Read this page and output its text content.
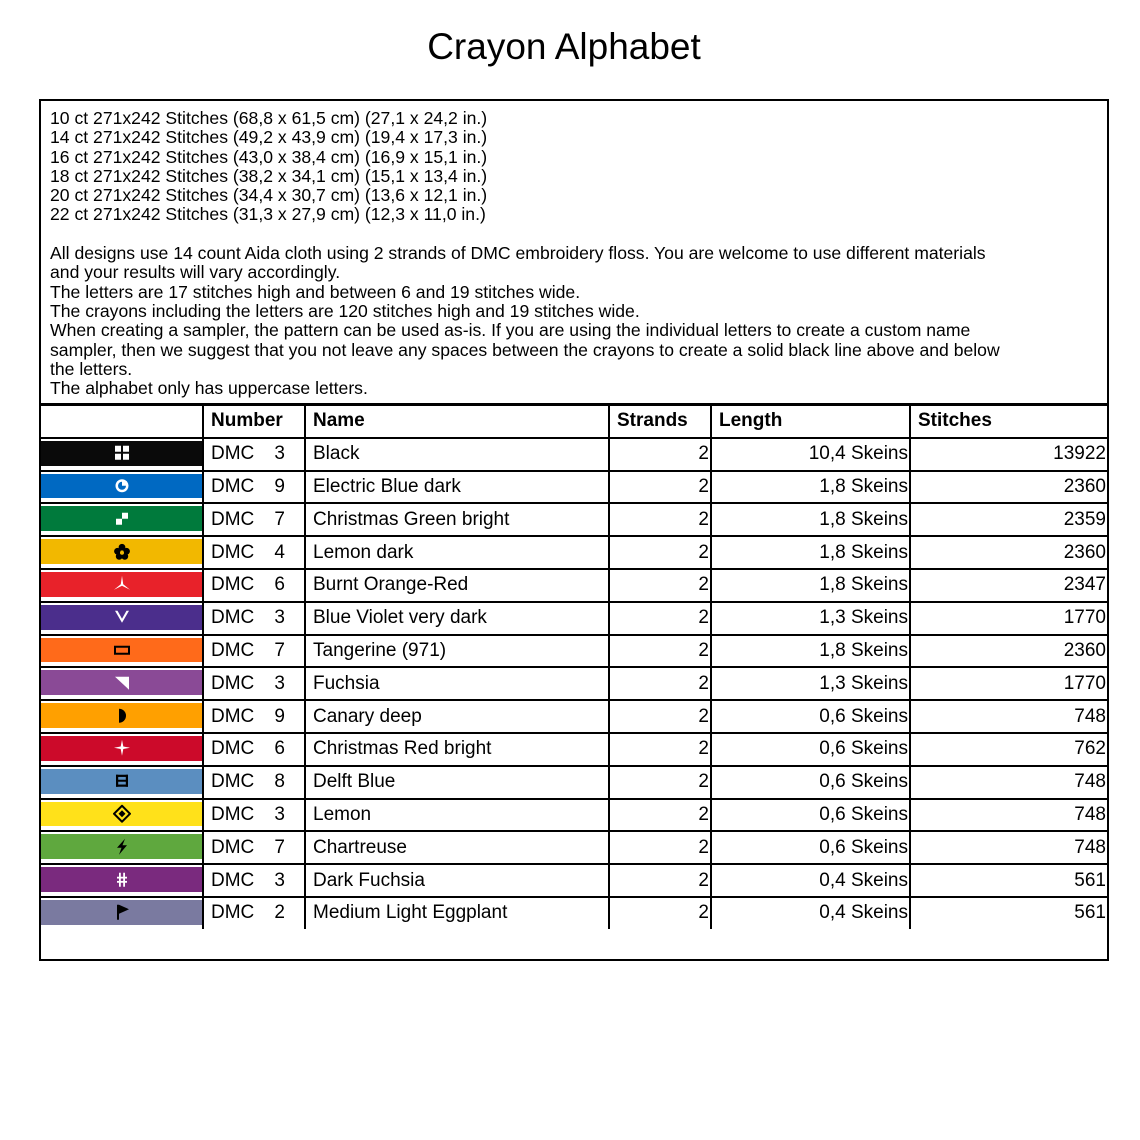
Crayon Alphabet
10 ct 271x242 Stitches (68,8 x 61,5 cm) (27,1 x 24,2 in.)
14 ct 271x242 Stitches (49,2 x 43,9 cm) (19,4 x 17,3 in.)
16 ct 271x242 Stitches (43,0 x 38,4 cm) (16,9 x 15,1 in.)
18 ct 271x242 Stitches (38,2 x 34,1 cm) (15,1 x 13,4 in.)
20 ct 271x242 Stitches (34,4 x 30,7 cm) (13,6 x 12,1 in.)
22 ct 271x242 Stitches (31,3 x 27,9 cm) (12,3 x 11,0 in.)
All designs use 14 count Aida cloth using 2 strands of DMC embroidery floss. You are welcome to use different materials
and your results will vary accordingly.
The letters are 17 stitches high and between 6 and 19 stitches wide.
The crayons including the letters are 120 stitches high and 19 stitches wide.
When creating a sampler, the pattern can be used as-is. If you are using the individual letters to create a custom name
sampler, then we suggest that you not leave any spaces between the crayons to create a solid black line above and below
the letters.
The alphabet only has uppercase letters.
	Number	Name	Strands	Length	Stitches

	DMC 3	Black	2	10,4 Skeins	13922

	DMC 9	Electric Blue dark	2	1,8 Skeins	2360

	DMC 7	Christmas Green bright	2	1,8 Skeins	2359

	DMC 4	Lemon dark	2	1,8 Skeins	2360

	DMC 6	Burnt Orange-Red	2	1,8 Skeins	2347

	DMC 3	Blue Violet very dark	2	1,3 Skeins	1770

	DMC 7	Tangerine (971)	2	1,8 Skeins	2360

	DMC 3	Fuchsia	2	1,3 Skeins	1770

	DMC 9	Canary deep	2	0,6 Skeins	748

	DMC 6	Christmas Red bright	2	0,6 Skeins	762

	DMC 8	Delft Blue	2	0,6 Skeins	748

	DMC 3	Lemon	2	0,6 Skeins	748

	DMC 7	Chartreuse	2	0,6 Skeins	748

	DMC 3	Dark Fuchsia	2	0,4 Skeins	561

	DMC 2	Medium Light Eggplant	2	0,4 Skeins	561
